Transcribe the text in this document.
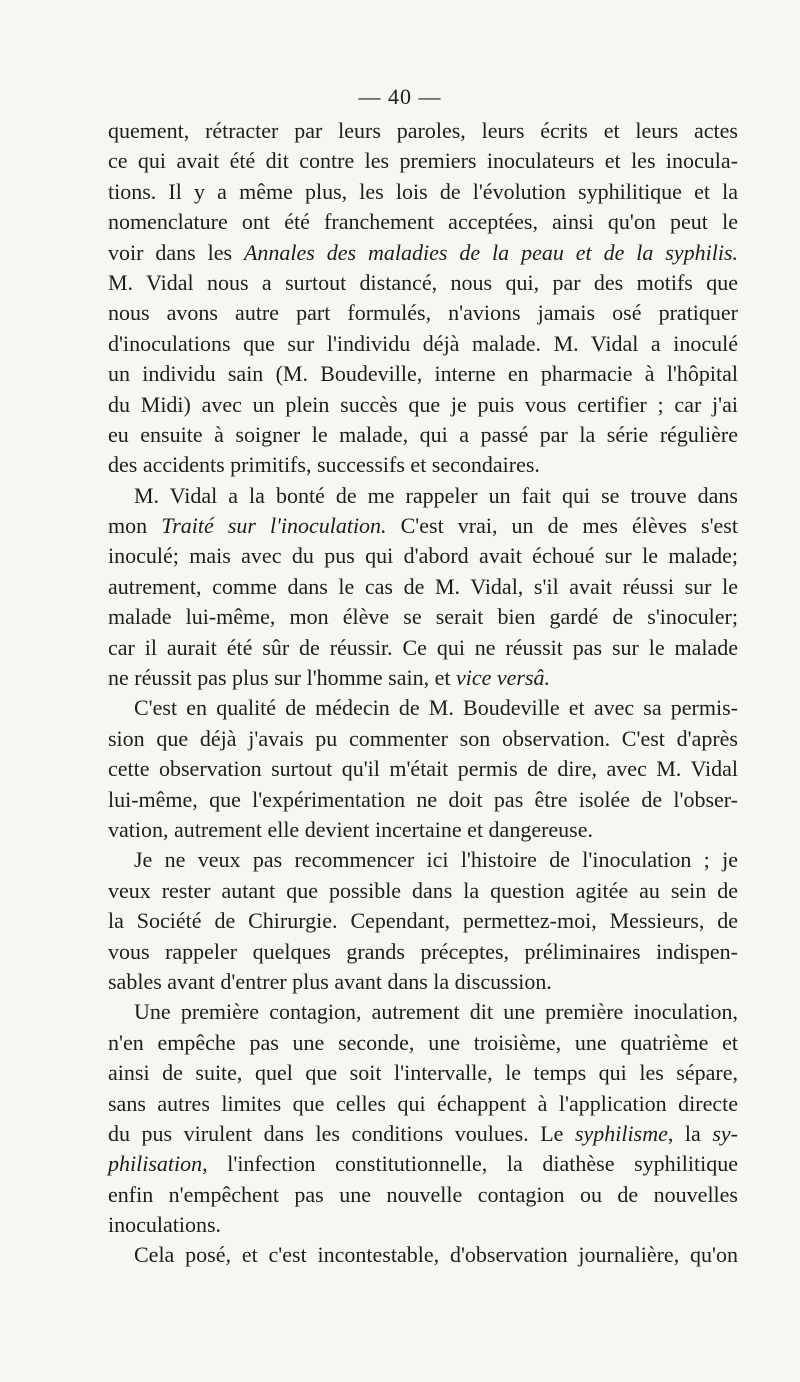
— 40 —
quement, rétracter par leurs paroles, leurs écrits et leurs actes
ce qui avait été dit contre les premiers inoculateurs et les inocula-
tions. Il y a même plus, les lois de l'évolution syphilitique et la
nomenclature ont été franchement acceptées, ainsi qu'on peut le
voir dans les Annales des maladies de la peau et de la syphilis.
M. Vidal nous a surtout distancé, nous qui, par des motifs que
nous avons autre part formulés, n'avions jamais osé pratiquer
d'inoculations que sur l'individu déjà malade. M. Vidal a inoculé
un individu sain (M. Boudeville, interne en pharmacie à l'hôpital
du Midi) avec un plein succès que je puis vous certifier ; car j'ai
eu ensuite à soigner le malade, qui a passé par la série régulière
des accidents primitifs, successifs et secondaires.
M. Vidal a la bonté de me rappeler un fait qui se trouve dans
mon Traité sur l'inoculation. C'est vrai, un de mes élèves s'est
inoculé; mais avec du pus qui d'abord avait échoué sur le malade;
autrement, comme dans le cas de M. Vidal, s'il avait réussi sur le
malade lui-même, mon élève se serait bien gardé de s'inoculer;
car il aurait été sûr de réussir. Ce qui ne réussit pas sur le malade
ne réussit pas plus sur l'homme sain, et vice versâ.
C'est en qualité de médecin de M. Boudeville et avec sa permis-
sion que déjà j'avais pu commenter son observation. C'est d'après
cette observation surtout qu'il m'était permis de dire, avec M. Vidal
lui-même, que l'expérimentation ne doit pas être isolée de l'obser-
vation, autrement elle devient incertaine et dangereuse.
Je ne veux pas recommencer ici l'histoire de l'inoculation ; je
veux rester autant que possible dans la question agitée au sein de
la Société de Chirurgie. Cependant, permettez-moi, Messieurs, de
vous rappeler quelques grands préceptes, préliminaires indispen-
sables avant d'entrer plus avant dans la discussion.
Une première contagion, autrement dit une première inoculation,
n'en empêche pas une seconde, une troisième, une quatrième et
ainsi de suite, quel que soit l'intervalle, le temps qui les sépare,
sans autres limites que celles qui échappent à l'application directe
du pus virulent dans les conditions voulues. Le syphilisme, la sy-
philisation, l'infection constitutionnelle, la diathèse syphilitique
enfin n'empêchent pas une nouvelle contagion ou de nouvelles
inoculations.
Cela posé, et c'est incontestable, d'observation journalière, qu'on
